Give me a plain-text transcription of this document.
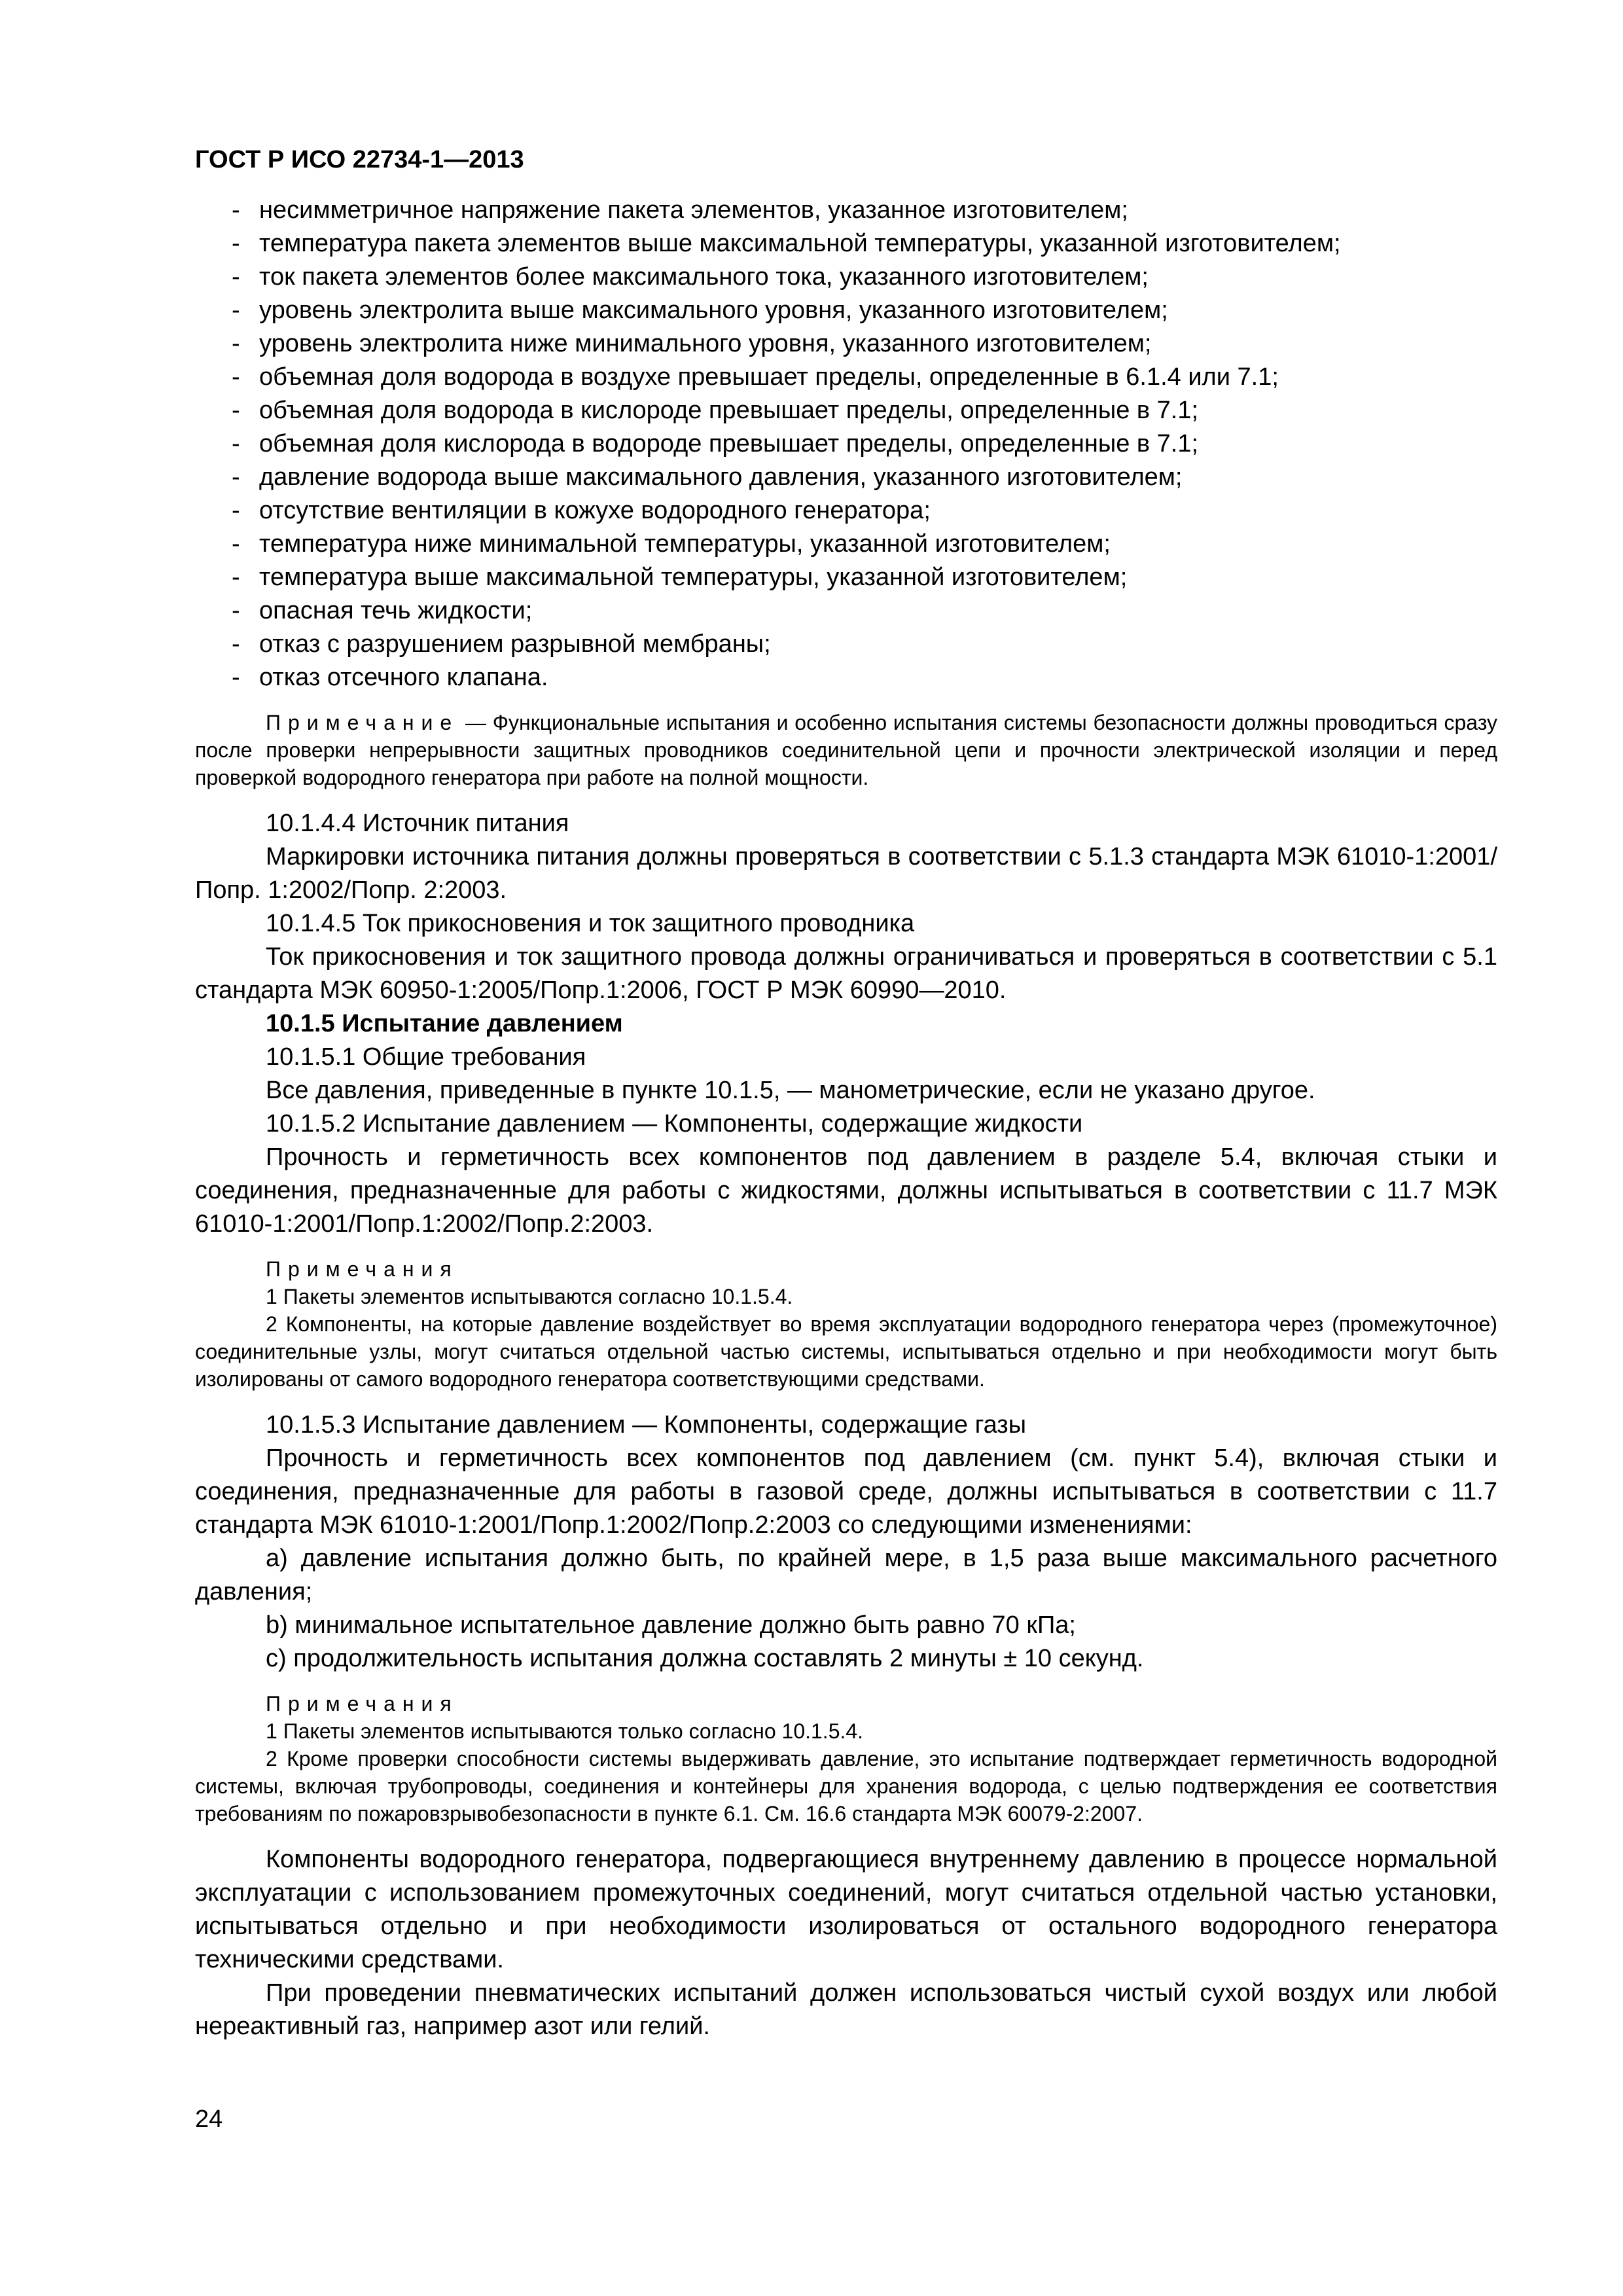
ГОСТ Р ИСО 22734-1—2013
- несимметричное напряжение пакета элементов, указанное изготовителем;
- температура пакета элементов выше максимальной температуры, указанной изготовителем;
- ток пакета элементов более максимального тока, указанного изготовителем;
- уровень электролита выше максимального уровня, указанного изготовителем;
- уровень электролита ниже минимального уровня, указанного изготовителем;
- объемная доля водорода в воздухе превышает пределы, определенные в 6.1.4 или 7.1;
- объемная доля водорода в кислороде превышает пределы, определенные в 7.1;
- объемная доля кислорода в водороде превышает пределы, определенные в 7.1;
- давление водорода выше максимального давления, указанного изготовителем;
- отсутствие вентиляции в кожухе водородного генератора;
- температура ниже минимальной температуры, указанной изготовителем;
- температура выше максимальной температуры, указанной изготовителем;
- опасная течь жидкости;
- отказ с разрушением разрывной мембраны;
- отказ отсечного клапана.

Примечание — Функциональные испытания и особенно испытания системы безопасности должны проводиться сразу после проверки непрерывности защитных проводников соединительной цепи и прочности электрической изоляции и перед проверкой водородного генератора при работе на полной мощности.

10.1.4.4 Источник питания

Маркировки источника питания должны проверяться в соответствии с 5.1.3 стандарта МЭК 61010-1:2001/Попр. 1:2002/Попр. 2:2003.

10.1.4.5 Ток прикосновения и ток защитного проводника

Ток прикосновения и ток защитного провода должны ограничиваться и проверяться в соответствии с 5.1 стандарта МЭК 60950-1:2005/Попр.1:2006, ГОСТ Р МЭК 60990—2010.

10.1.5 Испытание давлением

10.1.5.1 Общие требования

Все давления, приведенные в пункте 10.1.5, — манометрические, если не указано другое.

10.1.5.2 Испытание давлением — Компоненты, содержащие жидкости

Прочность и герметичность всех компонентов под давлением в разделе 5.4, включая стыки и соединения, предназначенные для работы с жидкостями, должны испытываться в соответствии с 11.7 МЭК 61010-1:2001/Попр.1:2002/Попр.2:2003.

Примечания

1 Пакеты элементов испытываются согласно 10.1.5.4.

2 Компоненты, на которые давление воздействует во время эксплуатации водородного генератора через (промежуточное) соединительные узлы, могут считаться отдельной частью системы, испытываться отдельно и при необходимости могут быть изолированы от самого водородного генератора соответствующими средствами.

10.1.5.3 Испытание давлением — Компоненты, содержащие газы

Прочность и герметичность всех компонентов под давлением (см. пункт 5.4), включая стыки и соединения, предназначенные для работы в газовой среде, должны испытываться в соответствии с 11.7 стандарта МЭК 61010-1:2001/Попр.1:2002/Попр.2:2003 со следующими изменениями:

а) давление испытания должно быть, по крайней мере, в 1,5 раза выше максимального расчетного давления;

b) минимальное испытательное давление должно быть равно 70 кПа;

с) продолжительность испытания должна составлять 2 минуты ± 10 секунд.

Примечания

1 Пакеты элементов испытываются только согласно 10.1.5.4.

2 Кроме проверки способности системы выдерживать давление, это испытание подтверждает герметичность водородной системы, включая трубопроводы, соединения и контейнеры для хранения водорода, с целью подтверждения ее соответствия требованиям по пожаровзрывобезопасности в пункте 6.1. См. 16.6 стандарта МЭК 60079-2:2007.

Компоненты водородного генератора, подвергающиеся внутреннему давлению в процессе нормальной эксплуатации с использованием промежуточных соединений, могут считаться отдельной частью установки, испытываться отдельно и при необходимости изолироваться от остального водородного генератора техническими средствами.

При проведении пневматических испытаний должен использоваться чистый сухой воздух или любой нереактивный газ, например азот или гелий.

24
